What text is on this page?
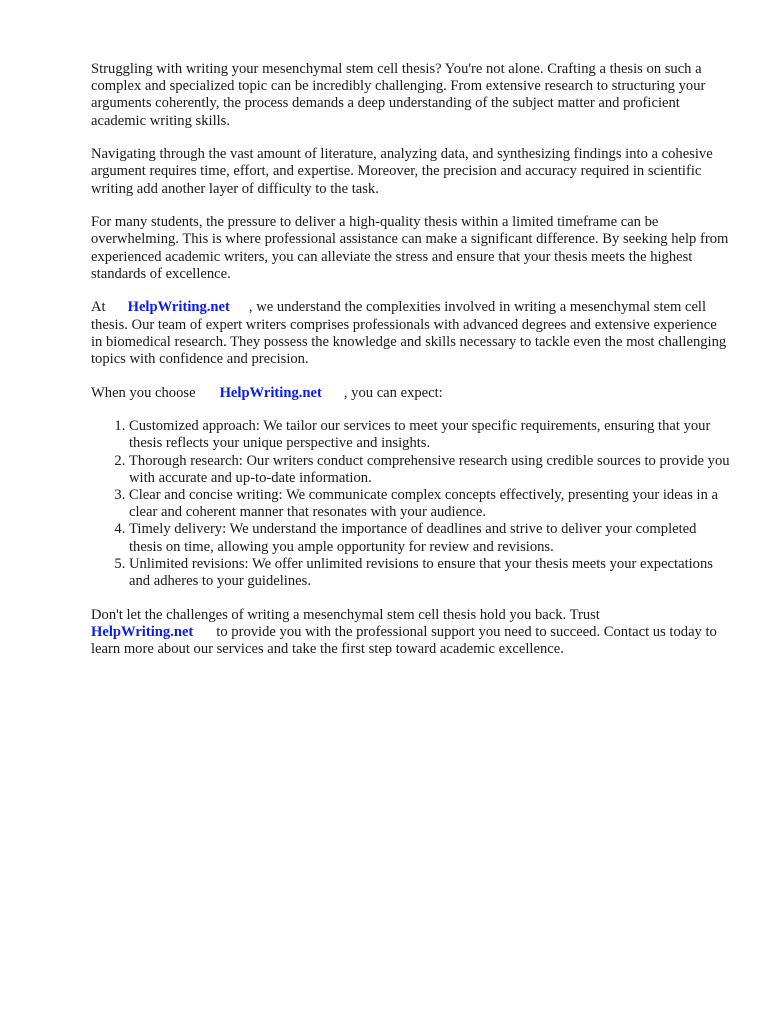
Struggling with writing your mesenchymal stem cell thesis? You're not alone. Crafting a thesis on such a complex and specialized topic can be incredibly challenging. From extensive research to structuring your arguments coherently, the process demands a deep understanding of the subject matter and proficient academic writing skills.

Navigating through the vast amount of literature, analyzing data, and synthesizing findings into a cohesive argument requires time, effort, and expertise. Moreover, the precision and accuracy required in scientific writing add another layer of difficulty to the task.

For many students, the pressure to deliver a high-quality thesis within a limited timeframe can be overwhelming. This is where professional assistance can make a significant difference. By seeking help from experienced academic writers, you can alleviate the stress and ensure that your thesis meets the highest standards of excellence.

At HelpWriting.net , we understand the complexities involved in writing a mesenchymal stem cell thesis. Our team of expert writers comprises professionals with advanced degrees and extensive experience in biomedical research. They possess the knowledge and skills necessary to tackle even the most challenging topics with confidence and precision.

When you choose HelpWriting.net , you can expect:

1. Customized approach: We tailor our services to meet your specific requirements, ensuring that your thesis reflects your unique perspective and insights.
2. Thorough research: Our writers conduct comprehensive research using credible sources to provide you with accurate and up-to-date information.
3. Clear and concise writing: We communicate complex concepts effectively, presenting your ideas in a clear and coherent manner that resonates with your audience.
4. Timely delivery: We understand the importance of deadlines and strive to deliver your completed thesis on time, allowing you ample opportunity for review and revisions.
5. Unlimited revisions: We offer unlimited revisions to ensure that your thesis meets your expectations and adheres to your guidelines.

Don't let the challenges of writing a mesenchymal stem cell thesis hold you back. Trust
HelpWriting.net to provide you with the professional support you need to succeed. Contact us today to learn more about our services and take the first step toward academic excellence.
